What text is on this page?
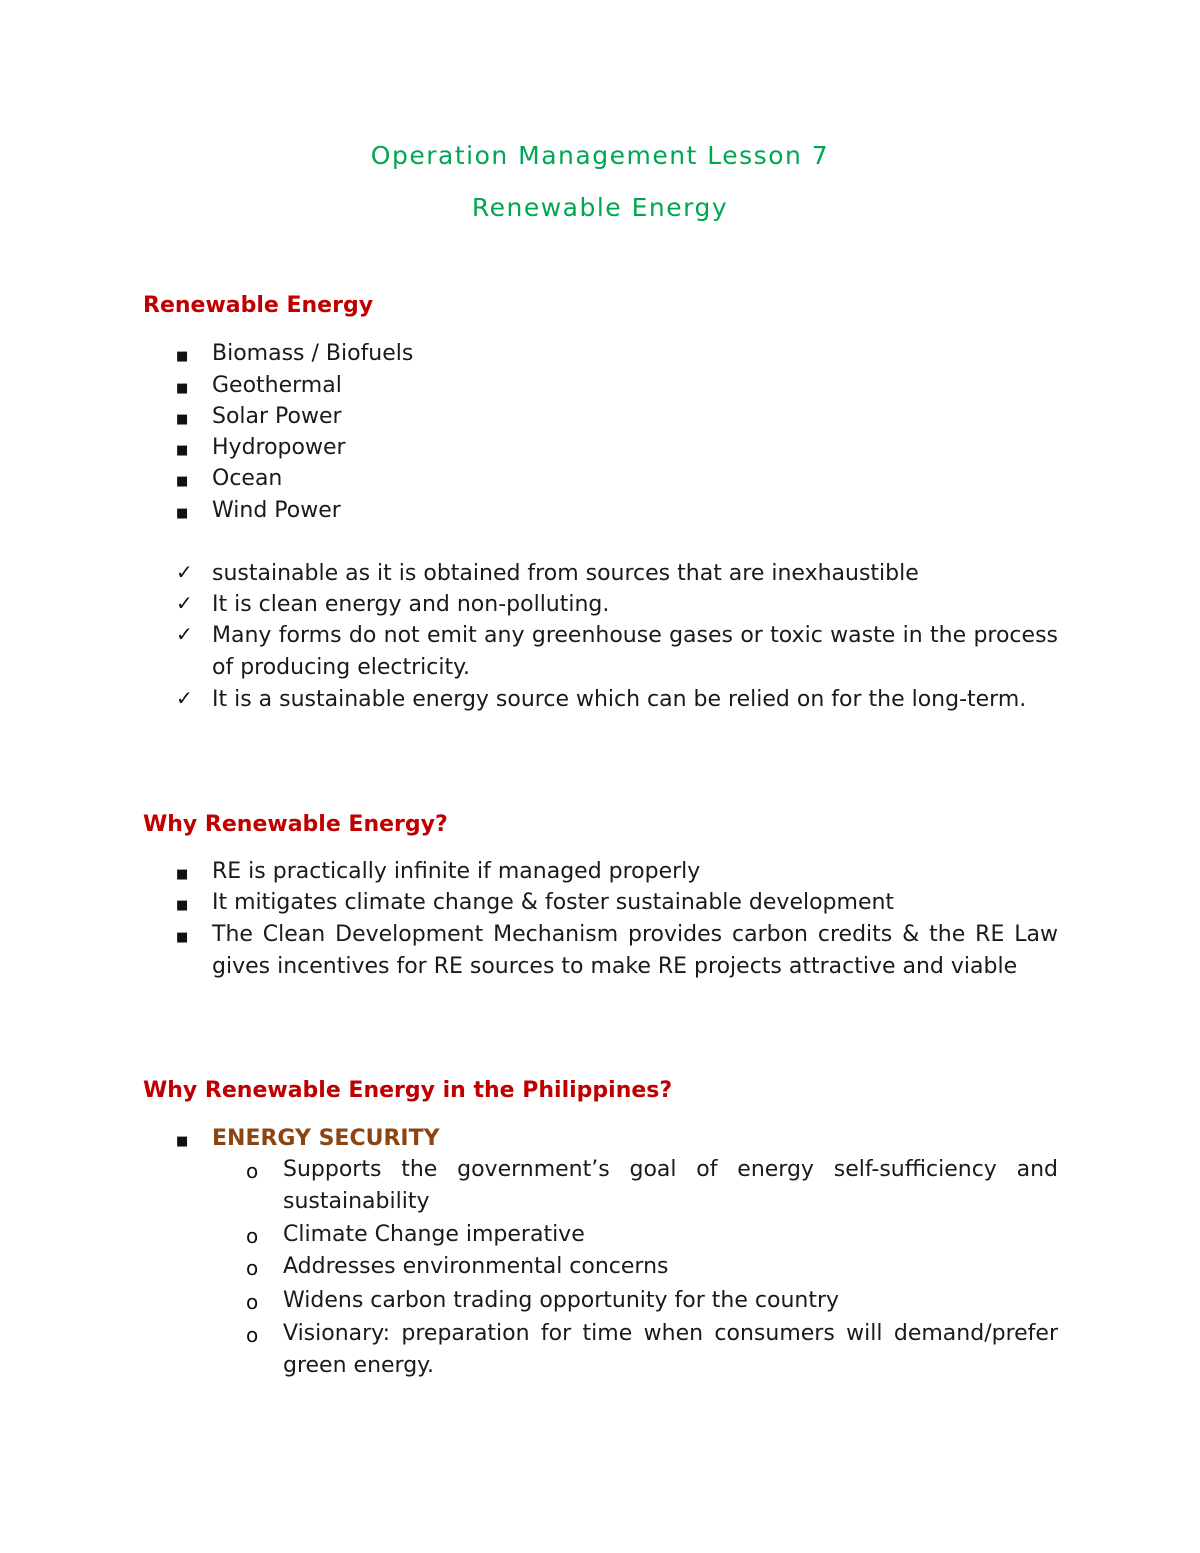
Operation Management Lesson 7
Renewable Energy
Renewable Energy
■ Biomass / Biofuels
■ Geothermal
■ Solar Power
■ Hydropower
■ Ocean
■ Wind Power
✓ sustainable as it is obtained from sources that are inexhaustible
✓ It is clean energy and non-polluting.
✓ Many forms do not emit any greenhouse gases or toxic waste in the process of producing electricity.
✓ It is a sustainable energy source which can be relied on for the long-term.
Why Renewable Energy?
■ RE is practically infinite if managed properly
■ It mitigates climate change & foster sustainable development
■ The Clean Development Mechanism provides carbon credits & the RE Law gives incentives for RE sources to make RE projects attractive and viable
Why Renewable Energy in the Philippines?
■ ENERGY SECURITY
o Supports the government’s goal of energy self-sufficiency and sustainability
o Climate Change imperative
o Addresses environmental concerns
o Widens carbon trading opportunity for the country
o Visionary: preparation for time when consumers will demand/prefer green energy.
